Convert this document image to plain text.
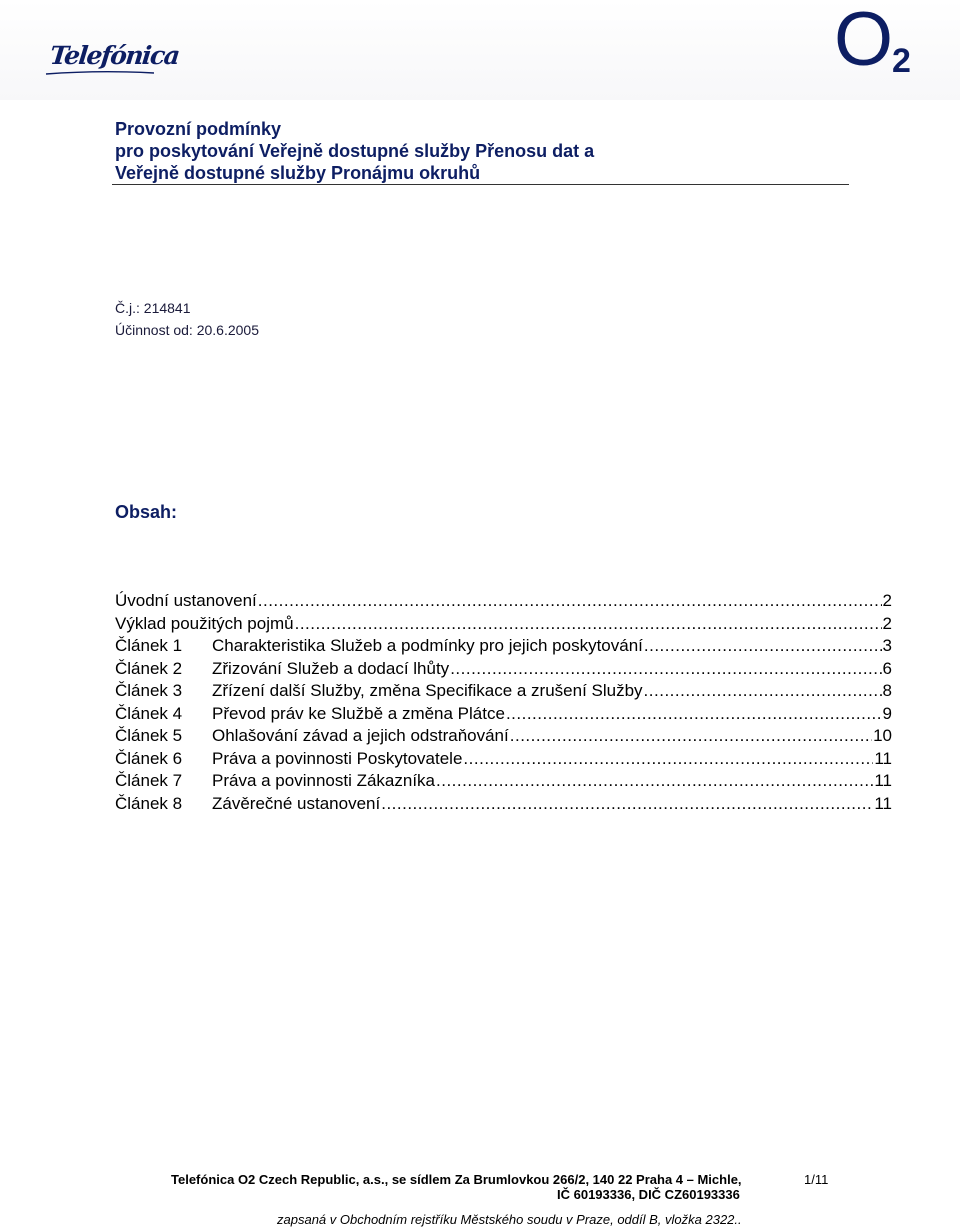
Telefónica	O
2
Provozní podmínky
pro poskytování Veřejně dostupné služby Přenosu dat a
Veřejně dostupné služby Pronájmu okruhů
Č.j.: 214841
Účinnost od: 20.6.2005
Obsah:
Úvodní ustanovení .....	2
Výklad použitých pojmů .....	2
Článek 1	Charakteristika Služeb a podmínky pro jejich poskytování .....	3
Článek 2	Zřizování Služeb a dodací lhůty .....	6
Článek 3	Zřízení další Služby, změna Specifikace a zrušení Služby .....	8
Článek 4	Převod práv ke Službě a změna Plátce .....	9
Článek 5	Ohlašování závad a jejich odstraňování .....	10
Článek 6	Práva a povinnosti Poskytovatele .....	11
Článek 7	Práva a povinnosti Zákazníka .....	11
Článek 8	Závěrečné ustanovení .....	11
Telefónica O2 Czech Republic, a.s., se sídlem Za Brumlovkou 266/2, 140 22 Praha 4 – Michle,
IČ 60193336, DIČ CZ60193336
1/11
zapsaná v Obchodním rejstříku Městského soudu v Praze, oddíl B, vložka 2322..
